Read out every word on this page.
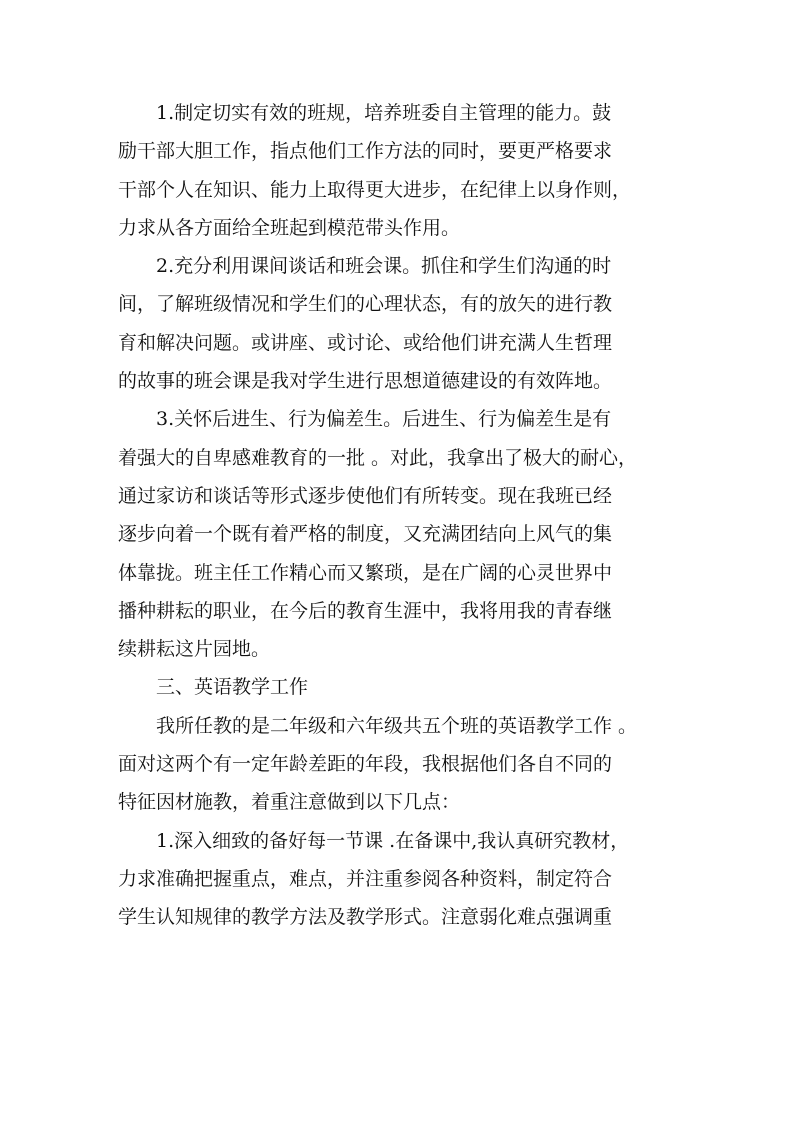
1.制定切实有效的班规，培养班委自主管理的能力。鼓
励干部大胆工作，指点他们工作方法的同时，要更严格要求
干部个人在知识、能力上取得更大进步，在纪律上以身作则，
力求从各方面给全班起到模范带头作用。
2.充分利用课间谈话和班会课。抓住和学生们沟通的时
间，了解班级情况和学生们的心理状态，有的放矢的进行教
育和解决问题。或讲座、或讨论、或给他们讲充满人生哲理
的故事的班会课是我对学生进行思想道德建设的有效阵地。
3.关怀后进生、行为偏差生。后进生、行为偏差生是有
着强大的自卑感难教育的一批 。对此，我拿出了极大的耐心，
通过家访和谈话等形式逐步使他们有所转变。现在我班已经
逐步向着一个既有着严格的制度，又充满团结向上风气的集
体靠拢。班主任工作精心而又繁琐，是在广阔的心灵世界中
播种耕耘的职业，在今后的教育生涯中，我将用我的青春继
续耕耘这片园地。
三、英语教学工作
我所任教的是二年级和六年级共五个班的英语教学工作 。
面对这两个有一定年龄差距的年段，我根据他们各自不同的
特征因材施教，着重注意做到以下几点：
1.深入细致的备好每一节课 .在备课中,我认真研究教材，
力求准确把握重点，难点，并注重参阅各种资料，制定符合
学生认知规律的教学方法及教学形式。注意弱化难点强调重
